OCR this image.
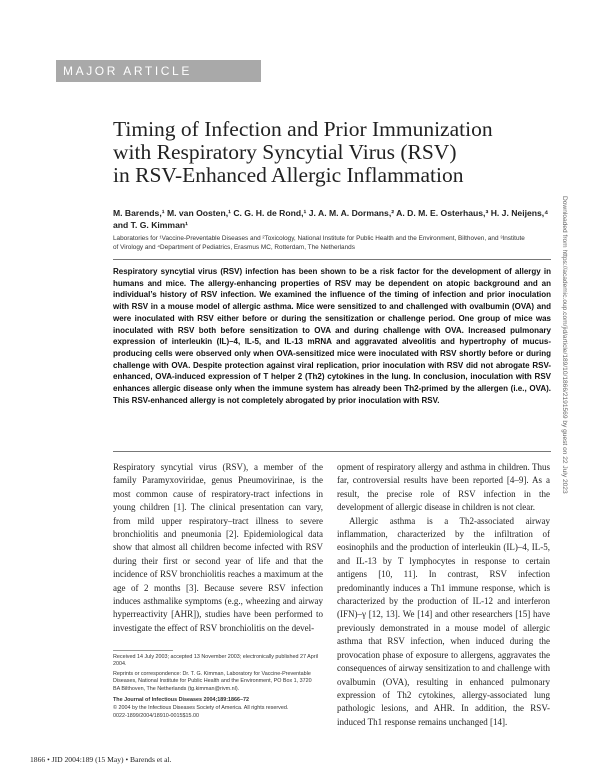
MAJOR ARTICLE
Timing of Infection and Prior Immunization
with Respiratory Syncytial Virus (RSV)
in RSV-Enhanced Allergic Inflammation
M. Barends,¹ M. van Oosten,¹ C. G. H. de Rond,¹ J. A. M. A. Dormans,² A. D. M. E. Osterhaus,³ H. J. Neijens,⁴
and T. G. Kimman¹
Laboratories for ¹Vaccine-Preventable Diseases and ²Toxicology, National Institute for Public Health and the Environment, Bilthoven, and ³Institute
of Virology and ⁴Department of Pediatrics, Erasmus MC, Rotterdam, The Netherlands
Respiratory syncytial virus (RSV) infection has been shown to be a risk factor for the development of allergy in humans and mice. The allergy-enhancing properties of RSV may be dependent on atopic background and an individual’s history of RSV infection. We examined the influence of the timing of infection and prior inoculation with RSV in a mouse model of allergic asthma. Mice were sensitized to and challenged with ovalbumin (OVA) and were inoculated with RSV either before or during the sensitization or challenge period. One group of mice was inoculated with RSV both before sensitization to OVA and during challenge with OVA. Increased pulmonary expression of interleukin (IL)–4, IL-5, and IL-13 mRNA and aggravated alveolitis and hypertrophy of mucus-producing cells were observed only when OVA-sensitized mice were inoculated with RSV shortly before or during challenge with OVA. Despite protection against viral replication, prior inoculation with RSV did not abrogate RSV-enhanced, OVA-induced expression of T helper 2 (Th2) cytokines in the lung. In conclusion, inoculation with RSV enhances allergic disease only when the immune system has already been Th2-primed by the allergen (i.e., OVA). This RSV-enhanced allergy is not completely abrogated by prior inoculation with RSV.

Respiratory syncytial virus (RSV), a member of the family Paramyxoviridae, genus Pneumovirinae, is the most common cause of respiratory-tract infections in young children [1]. The clinical presentation can vary, from mild upper respiratory–tract illness to severe bronchiolitis and pneumonia [2]. Epidemiological data show that almost all children become infected with RSV during their first or second year of life and that the incidence of RSV bronchiolitis reaches a maximum at the age of 2 months [3]. Because severe RSV infection induces asthmalike symptoms (e.g., wheezing and airway hyperreactivity [AHR]), studies have been performed to investigate the effect of RSV bronchiolitis on the devel-

opment of respiratory allergy and asthma in children. Thus far, controversial results have been reported [4–9]. As a result, the precise role of RSV infection in the development of allergic disease in children is not clear.

Allergic asthma is a Th2-associated airway inflammation, characterized by the infiltration of eosinophils and the production of interleukin (IL)–4, IL-5, and IL-13 by T lymphocytes in response to certain antigens [10, 11]. In contrast, RSV infection predominantly induces a Th1 immune response, which is characterized by the production of IL-12 and interferon (IFN)–γ [12, 13]. We [14] and other researchers [15] have previously demonstrated in a mouse model of allergic asthma that RSV infection, when induced during the provocation phase of exposure to allergens, aggravates the consequences of airway sensitization to and challenge with ovalbumin (OVA), resulting in enhanced pulmonary expression of Th2 cytokines, allergy-associated lung pathologic lesions, and AHR. In addition, the RSV-induced Th1 response remains unchanged [14].

Received 14 July 2003; accepted 13 November 2003; electronically published 27 April 2004.
Reprints or correspondence: Dr. T. G. Kimman, Laboratory for Vaccine-Preventable Diseases, National Institute for Public Health and the Environment, PO Box 1, 3720 BA Bilthoven, The Netherlands (tg.kimman@rivm.nl).
The Journal of Infectious Diseases 2004;189:1866–72
© 2004 by the Infectious Diseases Society of America. All rights reserved.
0022-1899/2004/18910-0015$15.00
1866 • JID 2004:189 (15 May) • Barends et al.
Downloaded from https://academic.oup.com/jid/article/189/10/1866/2191569 by guest on 22 July 2023
